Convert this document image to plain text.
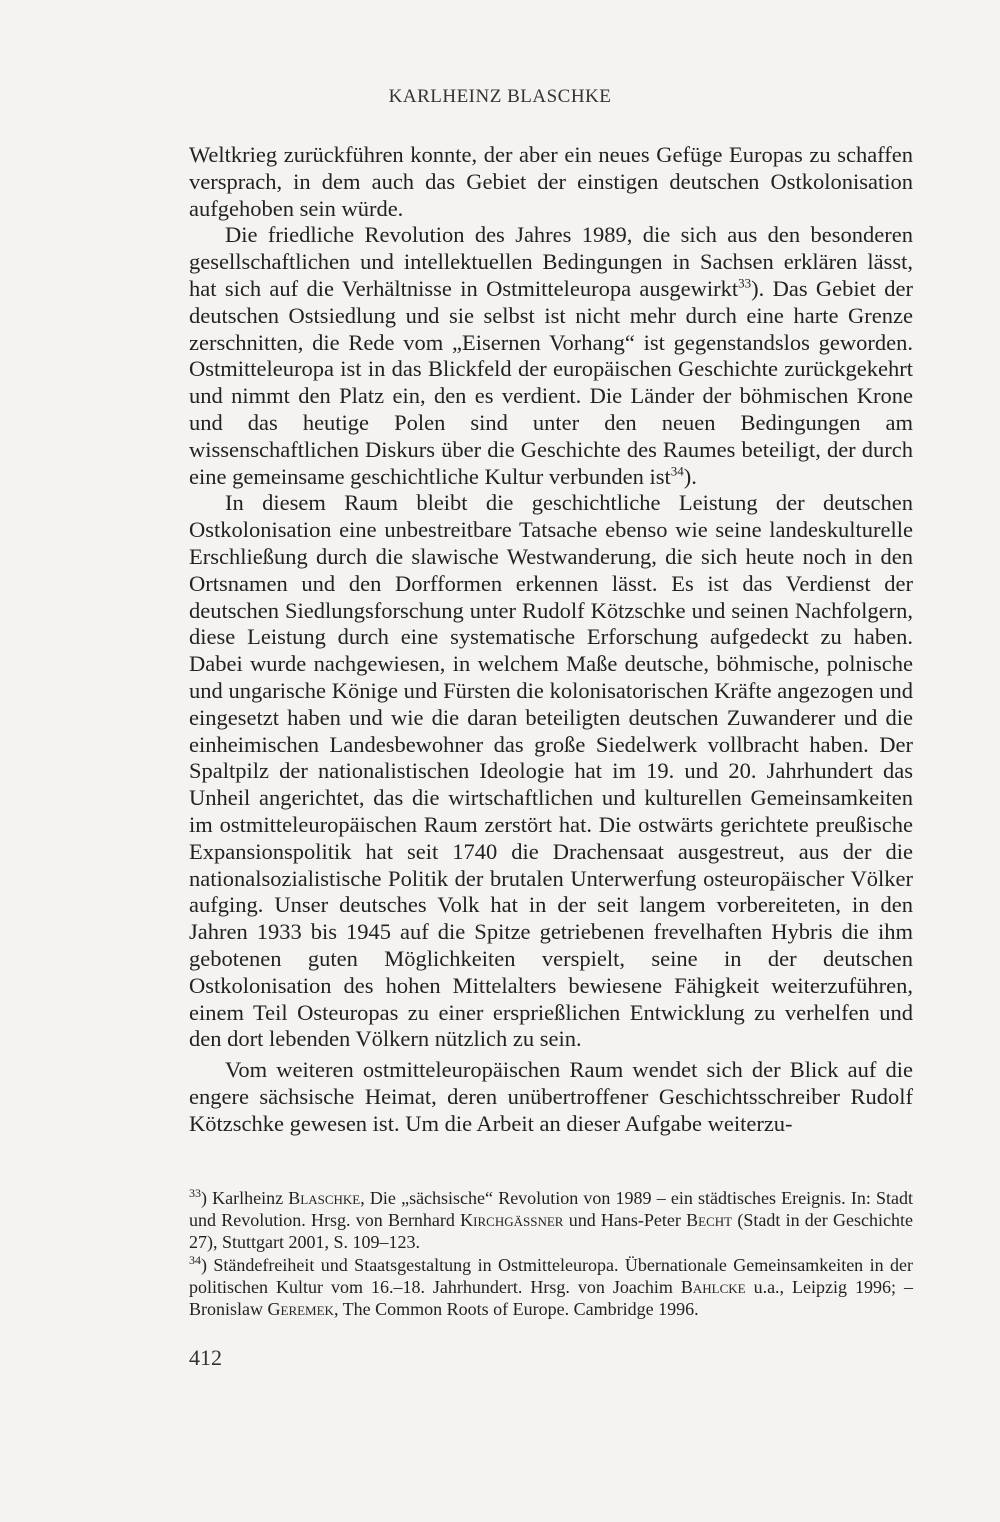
KARLHEINZ BLASCHKE

Weltkrieg zurückführen konnte, der aber ein neues Gefüge Europas zu schaffen versprach, in dem auch das Gebiet der einstigen deutschen Ostkolonisation aufgehoben sein würde.

Die friedliche Revolution des Jahres 1989, die sich aus den besonderen gesellschaftlichen und intellektuellen Bedingungen in Sachsen erklären lässt, hat sich auf die Verhältnisse in Ostmitteleuropa ausgewirkt$^{33}$). Das Gebiet der deutschen Ostsiedlung und sie selbst ist nicht mehr durch eine harte Grenze zerschnitten, die Rede vom „Eisernen Vorhang“ ist gegenstandslos geworden. Ostmitteleuropa ist in das Blickfeld der europäischen Geschichte zurückgekehrt und nimmt den Platz ein, den es verdient. Die Länder der böhmischen Krone und das heutige Polen sind unter den neuen Bedingungen am wissenschaftlichen Diskurs über die Geschichte des Raumes beteiligt, der durch eine gemeinsame geschichtliche Kultur verbunden ist$^{34}$).

In diesem Raum bleibt die geschichtliche Leistung der deutschen Ostkolonisation eine unbestreitbare Tatsache ebenso wie seine landeskulturelle Erschließung durch die slawische Westwanderung, die sich heute noch in den Ortsnamen und den Dorfformen erkennen lässt. Es ist das Verdienst der deutschen Siedlungsforschung unter Rudolf Kötzschke und seinen Nachfolgern, diese Leistung durch eine systematische Erforschung aufgedeckt zu haben. Dabei wurde nachgewiesen, in welchem Maße deutsche, böhmische, polnische und ungarische Könige und Fürsten die kolonisatorischen Kräfte angezogen und eingesetzt haben und wie die daran beteiligten deutschen Zuwanderer und die einheimischen Landesbewohner das große Siedelwerk vollbracht haben. Der Spaltpilz der nationalistischen Ideologie hat im 19. und 20. Jahrhundert das Unheil angerichtet, das die wirtschaftlichen und kulturellen Gemeinsamkeiten im ostmitteleuropäischen Raum zerstört hat. Die ostwärts gerichtete preußische Expansionspolitik hat seit 1740 die Drachensaat ausgestreut, aus der die nationalsozialistische Politik der brutalen Unterwerfung osteuropäischer Völker aufging. Unser deutsches Volk hat in der seit langem vorbereiteten, in den Jahren 1933 bis 1945 auf die Spitze getriebenen frevelhaften Hybris die ihm gebotenen guten Möglichkeiten verspielt, seine in der deutschen Ostkolonisation des hohen Mittelalters bewiesene Fähigkeit weiterzuführen, einem Teil Osteuropas zu einer ersprießlichen Entwicklung zu verhelfen und den dort lebenden Völkern nützlich zu sein.

Vom weiteren ostmitteleuropäischen Raum wendet sich der Blick auf die engere sächsische Heimat, deren unübertroffener Geschichtsschreiber Rudolf Kötzschke gewesen ist. Um die Arbeit an dieser Aufgabe weiterzu-

$^{33}$) Karlheinz Blaschke, Die „sächsische“ Revolution von 1989 – ein städtisches Ereignis. In: Stadt und Revolution. Hrsg. von Bernhard Kirchgässner und Hans-Peter Becht (Stadt in der Geschichte 27), Stuttgart 2001, S. 109–123.

$^{34}$) Ständefreiheit und Staatsgestaltung in Ostmitteleuropa. Übernationale Gemeinsamkeiten in der politischen Kultur vom 16.–18. Jahrhundert. Hrsg. von Joachim Bahlcke u.a., Leipzig 1996; – Bronislaw Geremek, The Common Roots of Europe. Cambridge 1996.

412
